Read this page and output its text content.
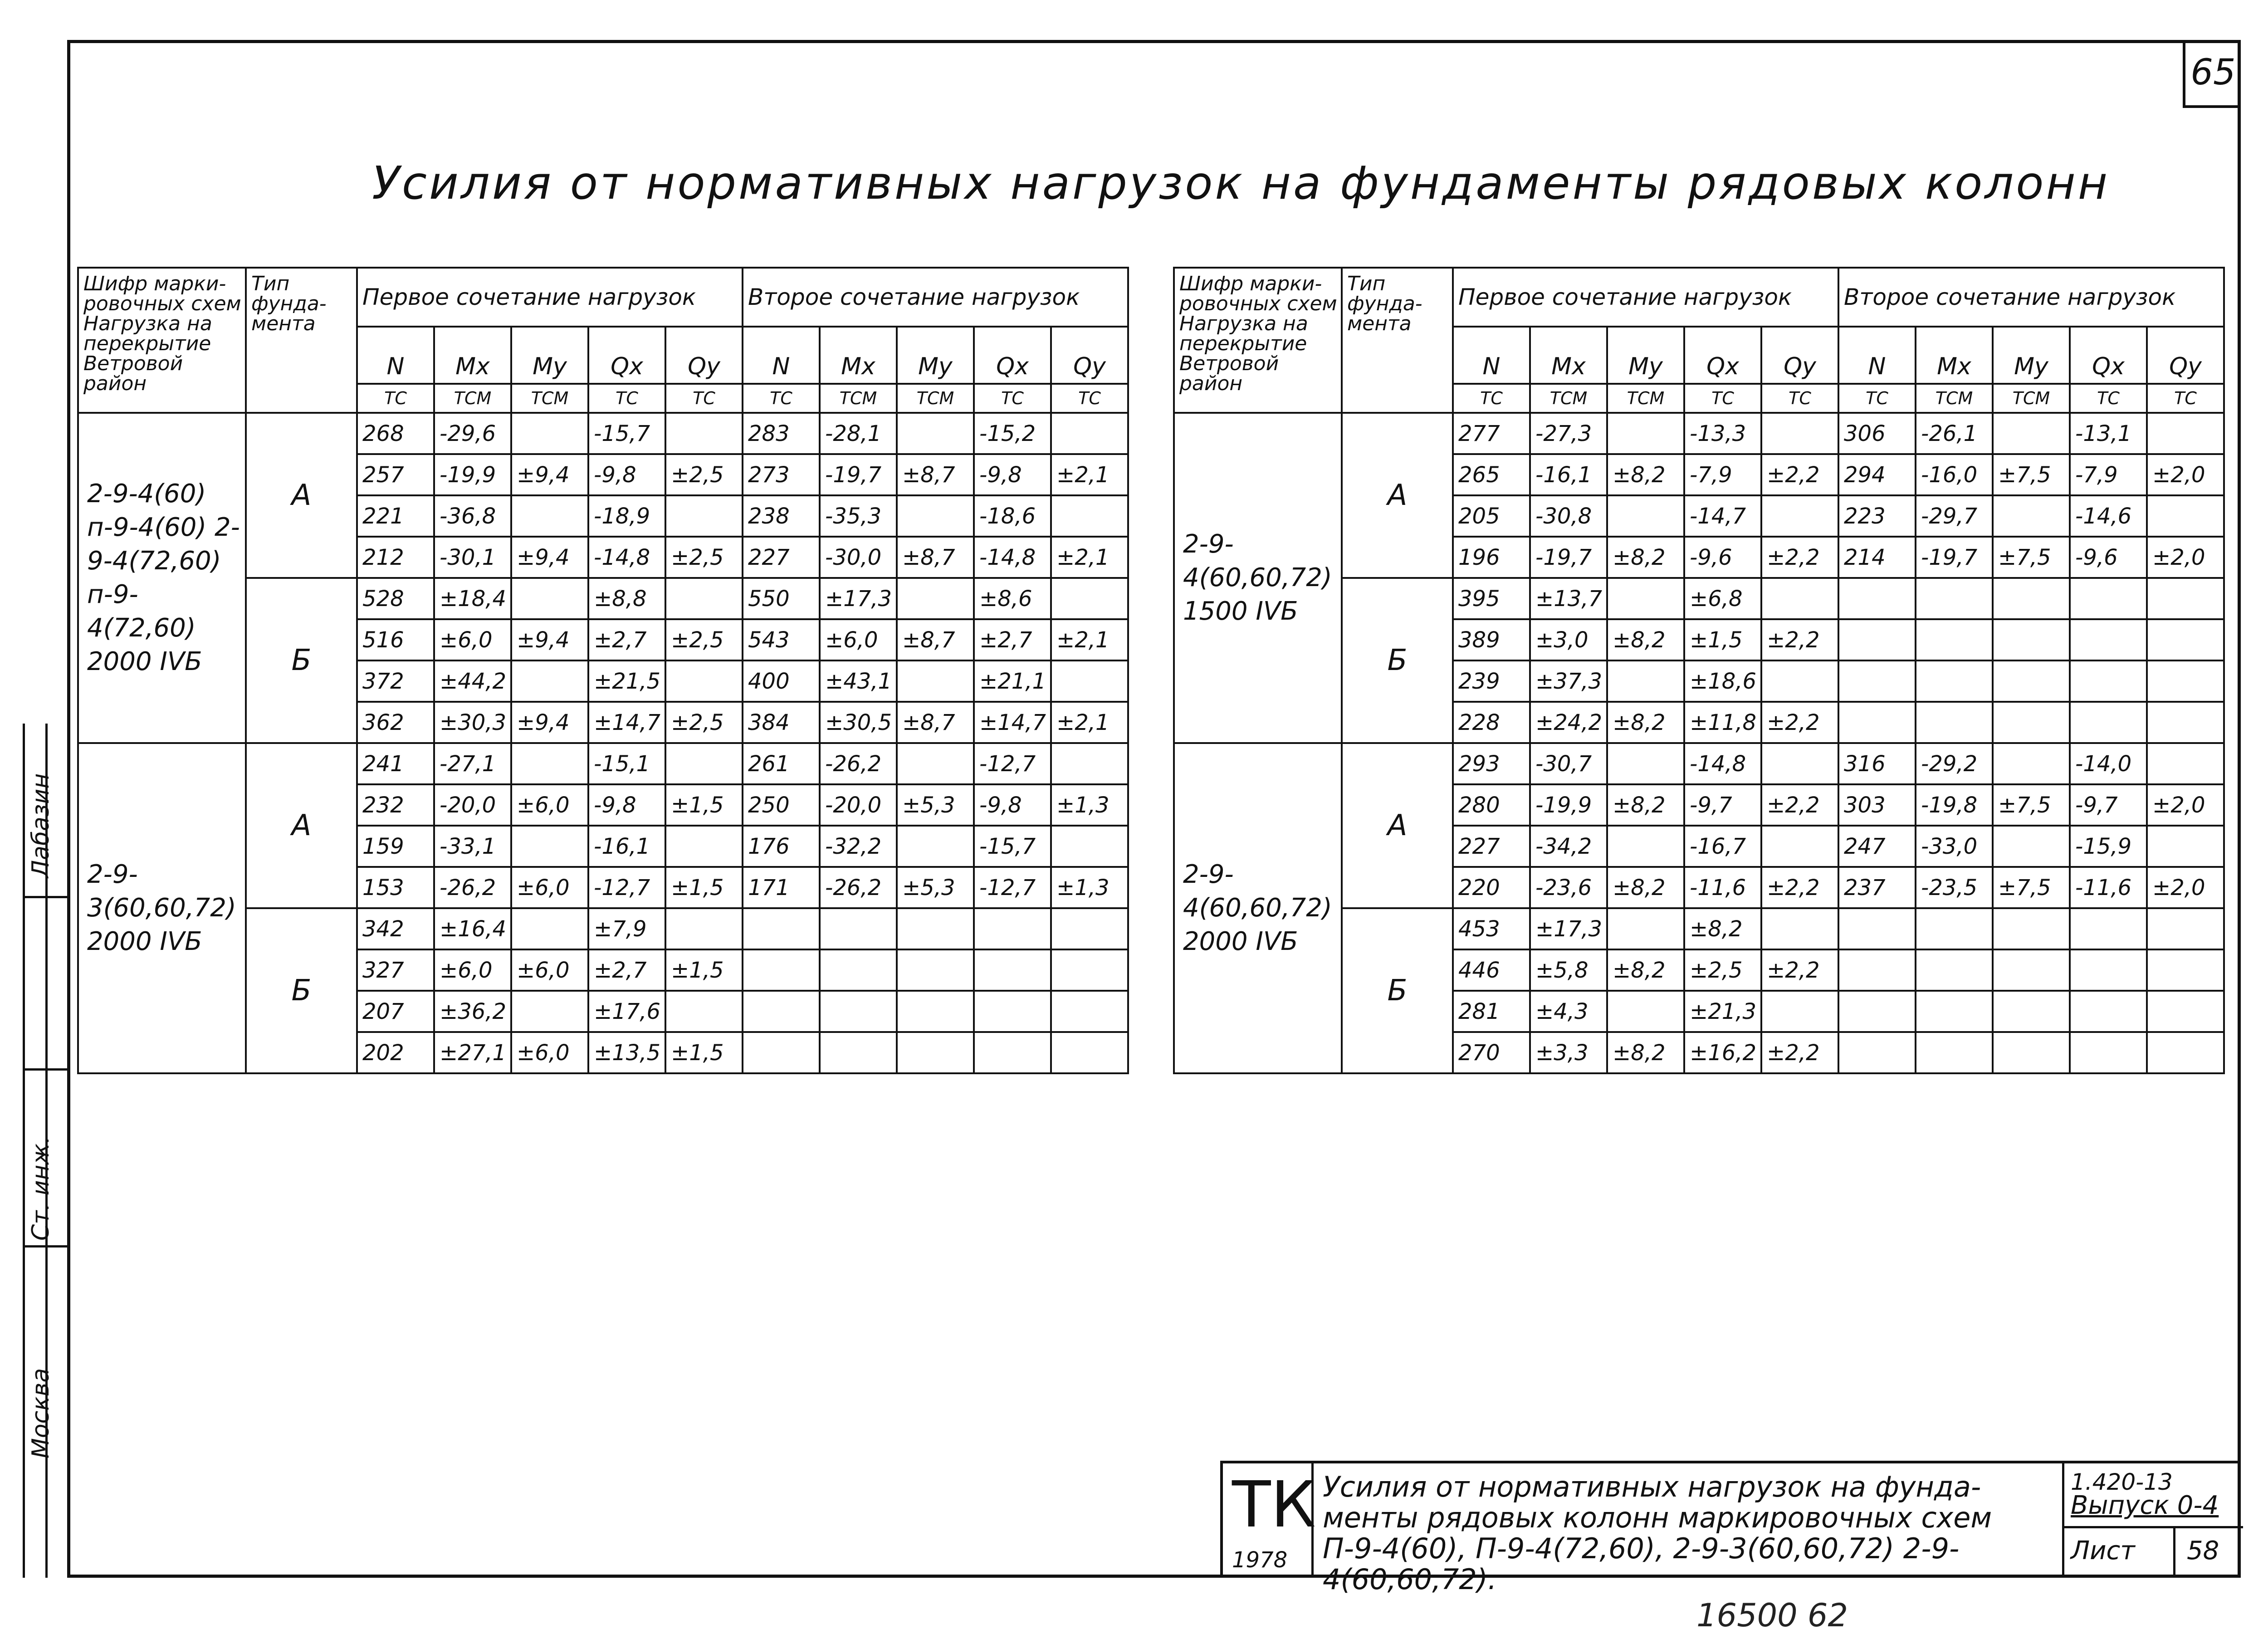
65
Усилия от нормативных нагрузок на фундаменты рядовых колонн
Шифр марки-ровочных схем Нагрузка на перекрытие Ветровой район	Тип фунда-мента	Первое сочетание нагрузок					Второе сочетание нагрузок				
		N	Mx	My	Qx	Qy	N	Mx	My	Qx	Qy
		ТС	ТСМ	ТСМ	ТС	ТС	ТС	ТСМ	ТСМ	ТС	ТС
2-9-4(60) п-9-4(60) 2-9-4(72,60) п-9-4(72,60) 2000 IVБ	А	268	-29,6		-15,7		283	-28,1		-15,2	
		257	-19,9	±9,4	-9,8	±2,5	273	-19,7	±8,7	-9,8	±2,1
		221	-36,8		-18,9		238	-35,3		-18,6	
		212	-30,1	±9,4	-14,8	±2,5	227	-30,0	±8,7	-14,8	±2,1
	Б	528	±18,4		±8,8		550	±17,3		±8,6	
		516	±6,0	±9,4	±2,7	±2,5	543	±6,0	±8,7	±2,7	±2,1
		372	±44,2		±21,5		400	±43,1		±21,1	
		362	±30,3	±9,4	±14,7	±2,5	384	±30,5	±8,7	±14,7	±2,1
2-9-3(60,60,72) 2000 IVБ	А	241	-27,1		-15,1		261	-26,2		-12,7	
		232	-20,0	±6,0	-9,8	±1,5	250	-20,0	±5,3	-9,8	±1,3
		159	-33,1		-16,1		176	-32,2		-15,7	
		153	-26,2	±6,0	-12,7	±1,5	171	-26,2	±5,3	-12,7	±1,3
	Б	342	±16,4		±7,9						
		327	±6,0	±6,0	±2,7	±1,5					
		207	±36,2		±17,6						
		202	±27,1	±6,0	±13,5	±1,5					
Шифр марки-ровочных схем Нагрузка на перекрытие Ветровой район	Тип фунда-мента	Первое сочетание нагрузок					Второе сочетание нагрузок				
		N	Mx	My	Qx	Qy	N	Mx	My	Qx	Qy
		ТС	ТСМ	ТСМ	ТС	ТС	ТС	ТСМ	ТСМ	ТС	ТС
2-9-4(60,60,72) 1500 IVБ	А	277	-27,3		-13,3		306	-26,1		-13,1	
		265	-16,1	±8,2	-7,9	±2,2	294	-16,0	±7,5	-7,9	±2,0
		205	-30,8		-14,7		223	-29,7		-14,6	
		196	-19,7	±8,2	-9,6	±2,2	214	-19,7	±7,5	-9,6	±2,0
	Б	395	±13,7		±6,8						
		389	±3,0	±8,2	±1,5	±2,2					
		239	±37,3		±18,6						
		228	±24,2	±8,2	±11,8	±2,2					
2-9-4(60,60,72) 2000 IVБ	А	293	-30,7		-14,8		316	-29,2		-14,0	
		280	-19,9	±8,2	-9,7	±2,2	303	-19,8	±7,5	-9,7	±2,0
		227	-34,2		-16,7		247	-33,0		-15,9	
		220	-23,6	±8,2	-11,6	±2,2	237	-23,5	±7,5	-11,6	±2,0
	Б	453	±17,3		±8,2						
		446	±5,8	±8,2	±2,5	±2,2					
		281	±4,3		±21,3						
		270	±3,3	±8,2	±16,2	±2,2					
Лабазин
Ст. инж.
Москва
ТК
1978
Усилия от нормативных нагрузок на фунда-
менты рядовых колонн маркировочных схем
П-9-4(60), П-9-4(72,60), 2-9-3(60,60,72) 2-9-4(60,60,72).
1.420-13
Выпуск 0-4
Лист 58
16500 62
